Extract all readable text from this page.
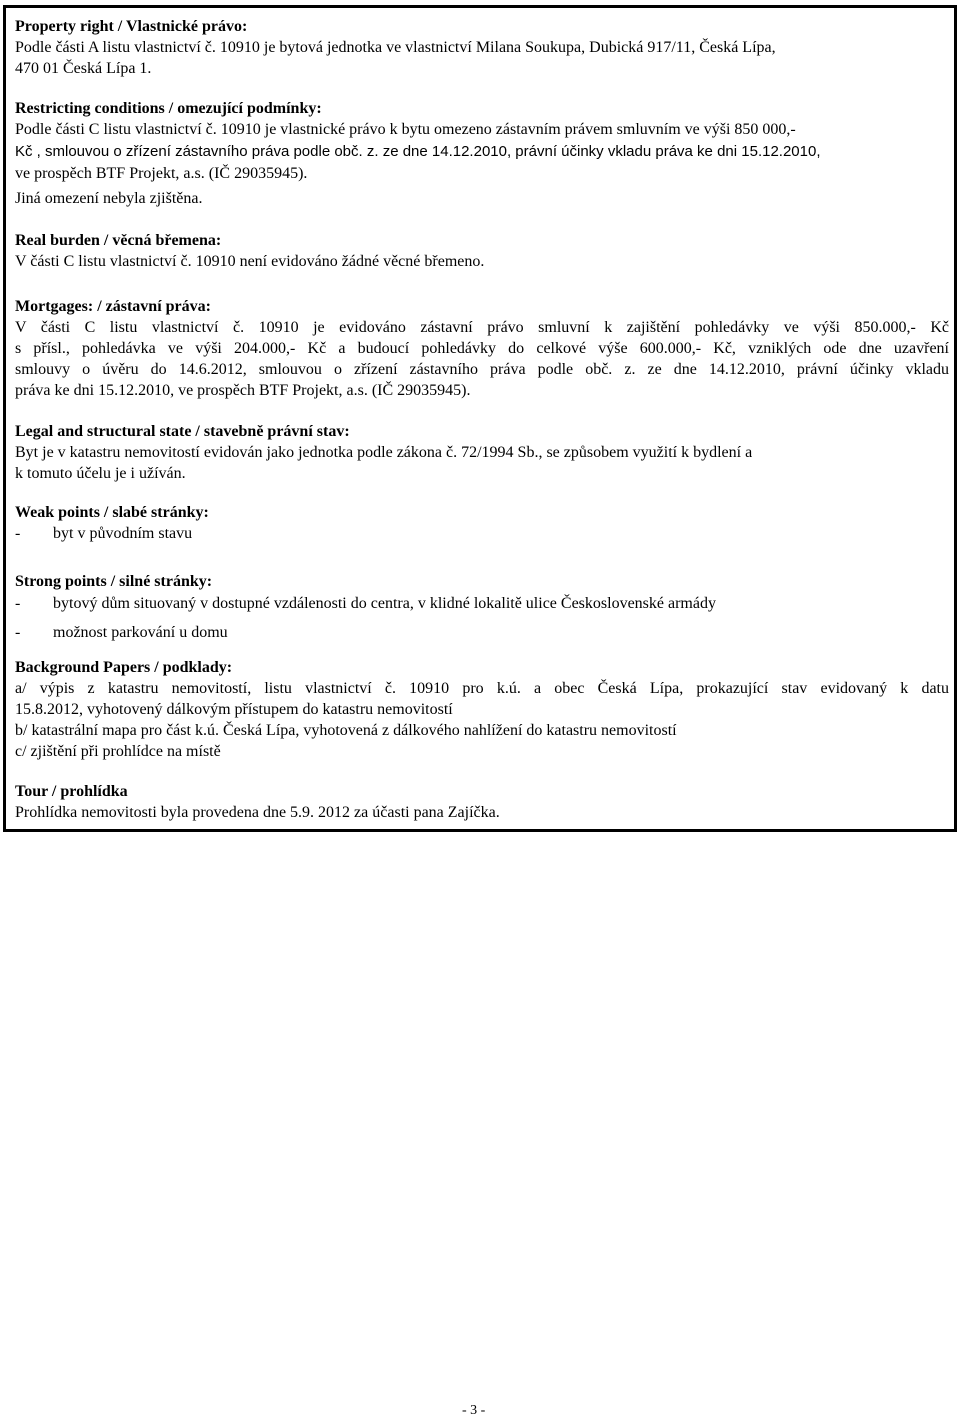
Property right / Vlastnické právo:
Podle části A listu vlastnictví č. 10910 je bytová jednotka ve vlastnictví Milana Soukupa, Dubická 917/11, Česká Lípa,
470 01 Česká Lípa 1.
Restricting conditions / omezující podmínky:
Podle části C listu vlastnictví č. 10910 je vlastnické právo k bytu omezeno zástavním právem smluvním ve výši 850 000,-
Kč , smlouvou o zřízení zástavního práva podle obč. z. ze dne 14.12.2010, právní účinky vkladu práva ke dni 15.12.2010,
ve prospěch BTF Projekt, a.s. (IČ 29035945).
Jiná omezení nebyla zjištěna.
Real burden / věcná břemena:
V části C listu vlastnictví č. 10910 není evidováno žádné věcné břemeno.
Mortgages: / zástavní práva:
V části C listu vlastnictví č. 10910 je evidováno zástavní právo smluvní k zajištění pohledávky ve výši 850.000,- Kč
s přísl., pohledávka ve výši 204.000,- Kč a budoucí pohledávky do celkové výše 600.000,- Kč, vzniklých ode dne uzavření
smlouvy o úvěru do 14.6.2012, smlouvou o zřízení zástavního práva podle obč. z. ze dne 14.12.2010, právní účinky vkladu
práva ke dni 15.12.2010, ve prospěch BTF Projekt, a.s. (IČ 29035945).
Legal and structural state / stavebně právní stav:
Byt je v katastru nemovitostí evidován jako jednotka podle zákona č. 72/1994 Sb., se způsobem využití k bydlení a
k tomuto účelu je i užíván.
Weak points / slabé stránky:
-	byt v původním stavu
Strong points / silné stránky:
-	bytový dům situovaný v dostupné vzdálenosti do centra, v klidné lokalitě ulice Československé armády
-	možnost parkování u domu
Background Papers / podklady:
a/ výpis z katastru nemovitostí, listu vlastnictví č. 10910 pro k.ú. a obec Česká Lípa, prokazující stav evidovaný k datu
15.8.2012, vyhotovený dálkovým přístupem do katastru nemovitostí
b/ katastrální mapa pro část k.ú. Česká Lípa, vyhotovená z dálkového nahlížení do katastru nemovitostí
c/ zjištění při prohlídce na místě
Tour / prohlídka
Prohlídka nemovitosti byla provedena dne 5.9. 2012 za účasti pana Zajíčka.
- 3 -
